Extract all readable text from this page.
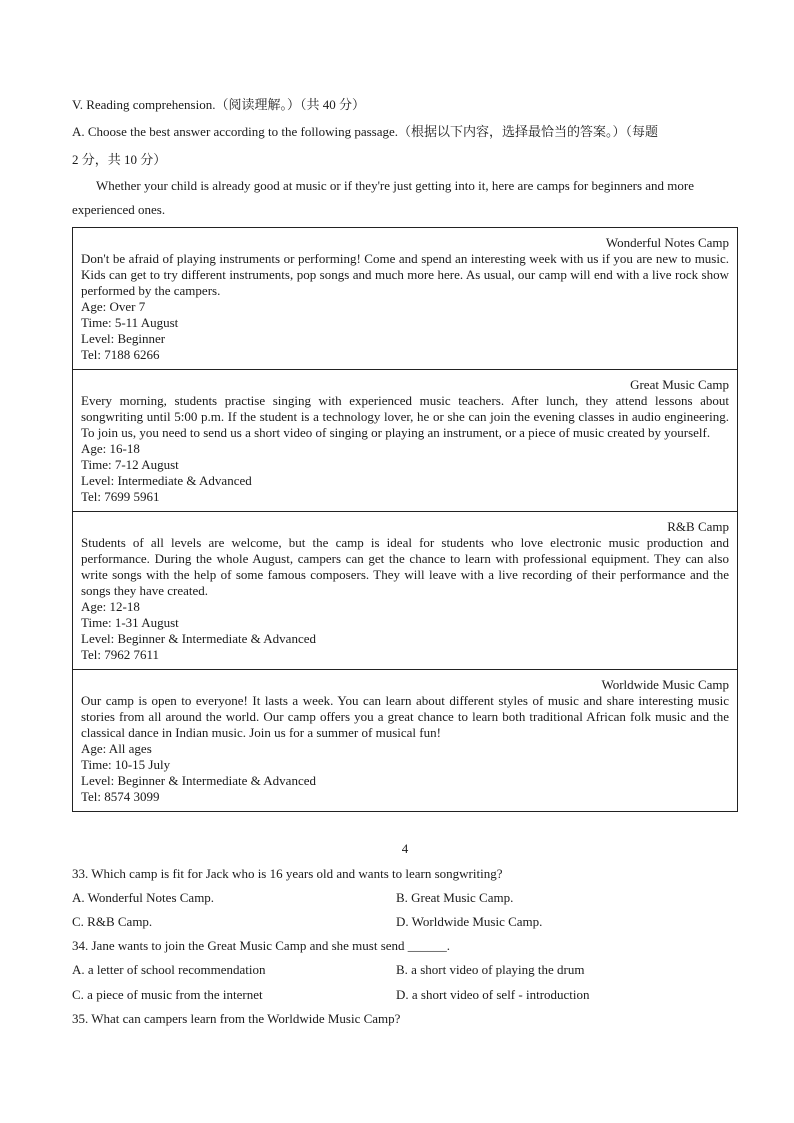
V. Reading comprehension.（阅读理解。）（共 40 分）
A. Choose the best answer according to the following passage.（根据以下内容，选择最恰当的答案。）（每题
2 分，共 10 分）
Whether your child is already good at music or if they're just getting into it, here are camps for beginners and more experienced ones.
Wonderful Notes Camp
Don't be afraid of playing instruments or performing! Come and spend an interesting week with us if you are new to music. Kids can get to try different instruments, pop songs and much more here. As usual, our camp will end with a live rock show performed by the campers.
Age: Over 7
Time: 5-11 August
Level: Beginner
Tel: 7188 6266
Great Music Camp
Every morning, students practise singing with experienced music teachers. After lunch, they attend lessons about songwriting until 5:00 p.m. If the student is a technology lover, he or she can join the evening classes in audio engineering. To join us, you need to send us a short video of singing or playing an instrument, or a piece of music created by yourself.
Age: 16-18
Time: 7-12 August
Level: Intermediate & Advanced
Tel: 7699 5961
R&B Camp
Students of all levels are welcome, but the camp is ideal for students who love electronic music production and performance. During the whole August, campers can get the chance to learn with professional equipment. They can also write songs with the help of some famous composers. They will leave with a live recording of their performance and the songs they have created.
Age: 12-18
Time: 1-31 August
Level: Beginner & Intermediate & Advanced
Tel: 7962 7611
Worldwide Music Camp
Our camp is open to everyone! It lasts a week. You can learn about different styles of music and share interesting music stories from all around the world. Our camp offers you a great chance to learn both traditional African folk music and the classical dance in Indian music. Join us for a summer of musical fun!
Age: All ages
Time: 10-15 July
Level: Beginner & Intermediate & Advanced
Tel: 8574 3099
4
33. Which camp is fit for Jack who is 16 years old and wants to learn songwriting?
A. Wonderful Notes Camp.	B. Great Music Camp.
C. R&B Camp.	D. Worldwide Music Camp.
34. Jane wants to join the Great Music Camp and she must send ______.
A. a letter of school recommendation	B. a short video of playing the drum
C. a piece of music from the internet	D. a short video of self - introduction
35. What can campers learn from the Worldwide Music Camp?
